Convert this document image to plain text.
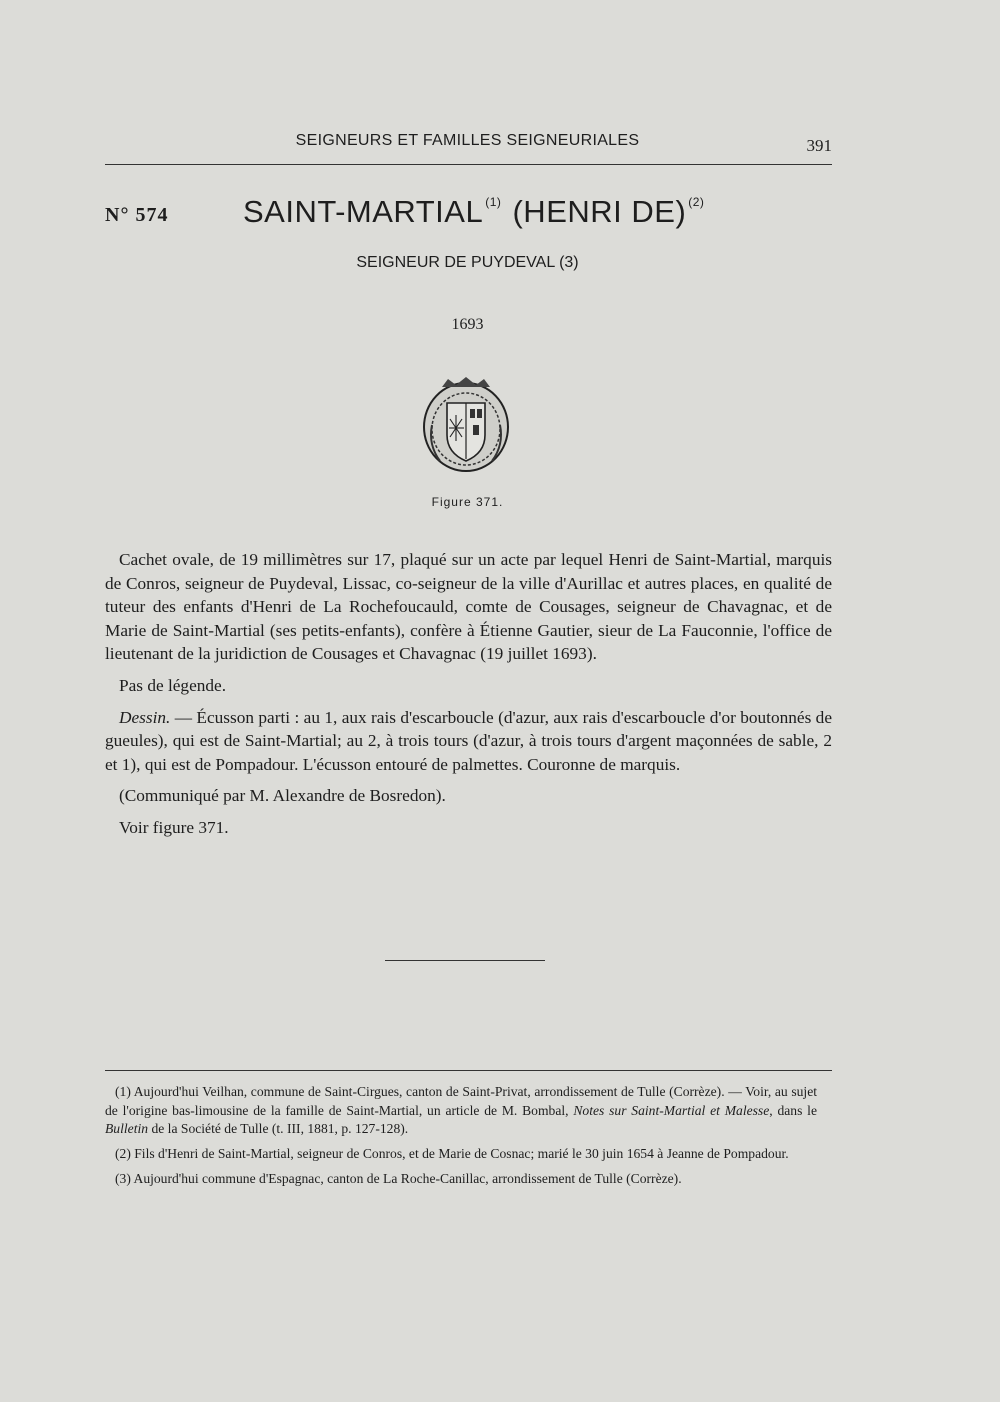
SEIGNEURS ET FAMILLES SEIGNEURIALES	391
N° 574 SAINT-MARTIAL $^{(1)}$ (HENRI DE) $^{(2)}$
SEIGNEUR DE PUYDEVAL (3)
1693
Figure 371.

Cachet ovale, de 19 millimètres sur 17, plaqué sur un acte par lequel Henri de Saint-Martial, marquis de Conros, seigneur de Puydeval, Lissac, co-seigneur de la ville d'Aurillac et autres places, en qualité de tuteur des enfants d'Henri de La Rochefoucauld, comte de Cousages, seigneur de Chavagnac, et de Marie de Saint-Martial (ses petits-enfants), confère à Étienne Gautier, sieur de La Fauconnie, l'office de lieutenant de la juridiction de Cousages et Chavagnac (19 juillet 1693).

Pas de légende.

Dessin. — Écusson parti : au 1, aux rais d'escarboucle (d'azur, aux rais d'escarboucle d'or boutonnés de gueules), qui est de Saint-Martial; au 2, à trois tours (d'azur, à trois tours d'argent maçonnées de sable, 2 et 1), qui est de Pompadour. L'écusson entouré de palmettes. Couronne de marquis.

(Communiqué par M. Alexandre de Bosredon).

Voir figure 371.

(1) Aujourd'hui Veilhan, commune de Saint-Cirgues, canton de Saint-Privat, arrondissement de Tulle (Corrèze). — Voir, au sujet de l'origine bas-limousine de la famille de Saint-Martial, un article de M. Bombal, Notes sur Saint-Martial et Malesse, dans le Bulletin de la Société de Tulle (t. III, 1881, p. 127-128).

(2) Fils d'Henri de Saint-Martial, seigneur de Conros, et de Marie de Cosnac; marié le 30 juin 1654 à Jeanne de Pompadour.

(3) Aujourd'hui commune d'Espagnac, canton de La Roche-Canillac, arrondissement de Tulle (Corrèze).
